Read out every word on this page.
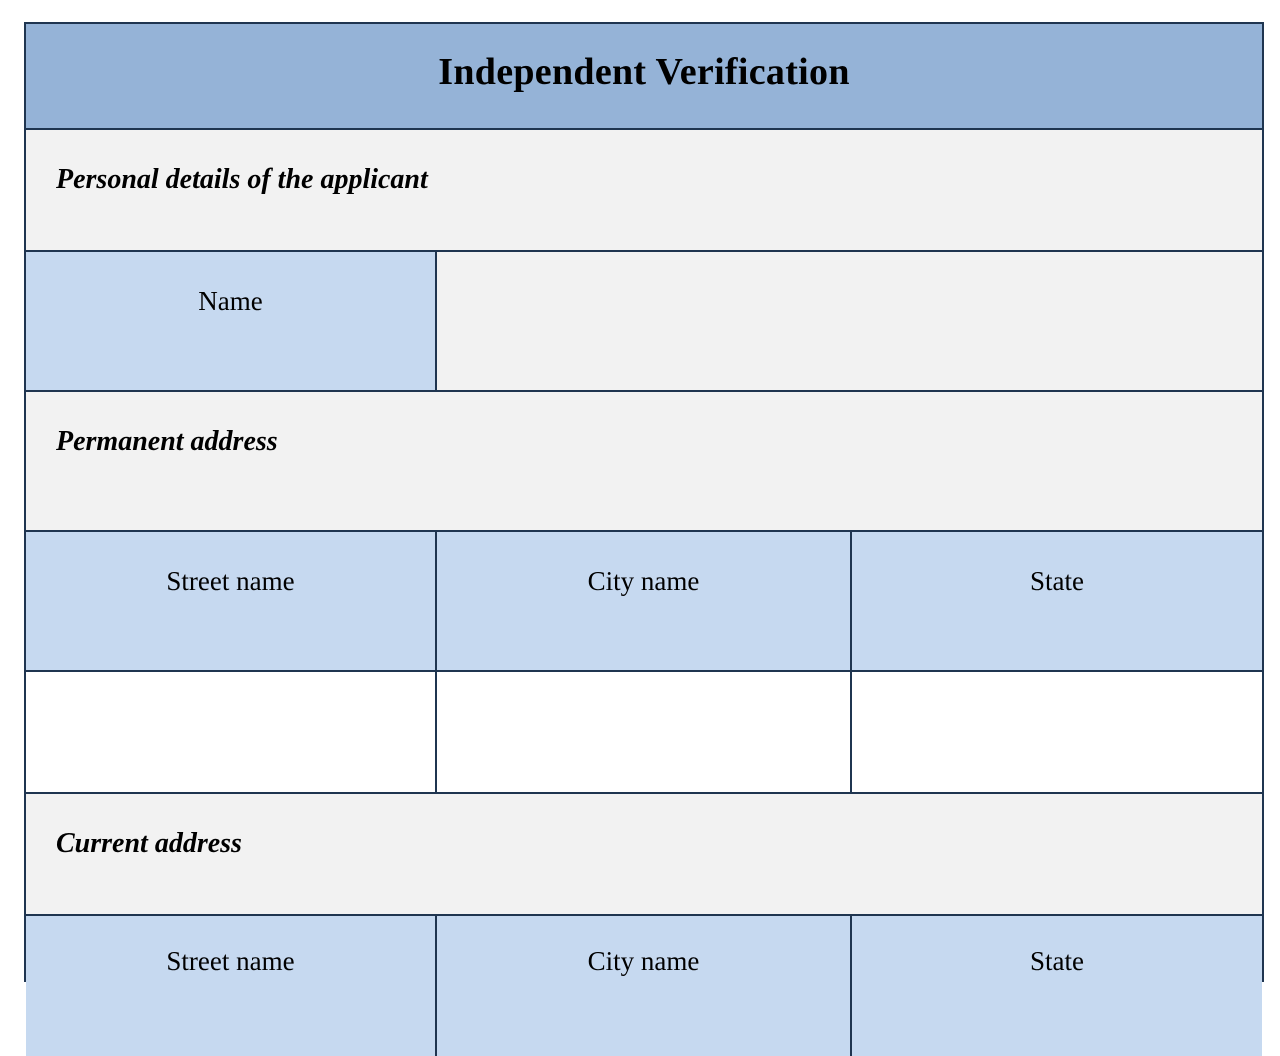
Independent Verification
Personal details of the applicant
Name
Permanent address
Street name	City name	State
Current address
Street name	City name	State
